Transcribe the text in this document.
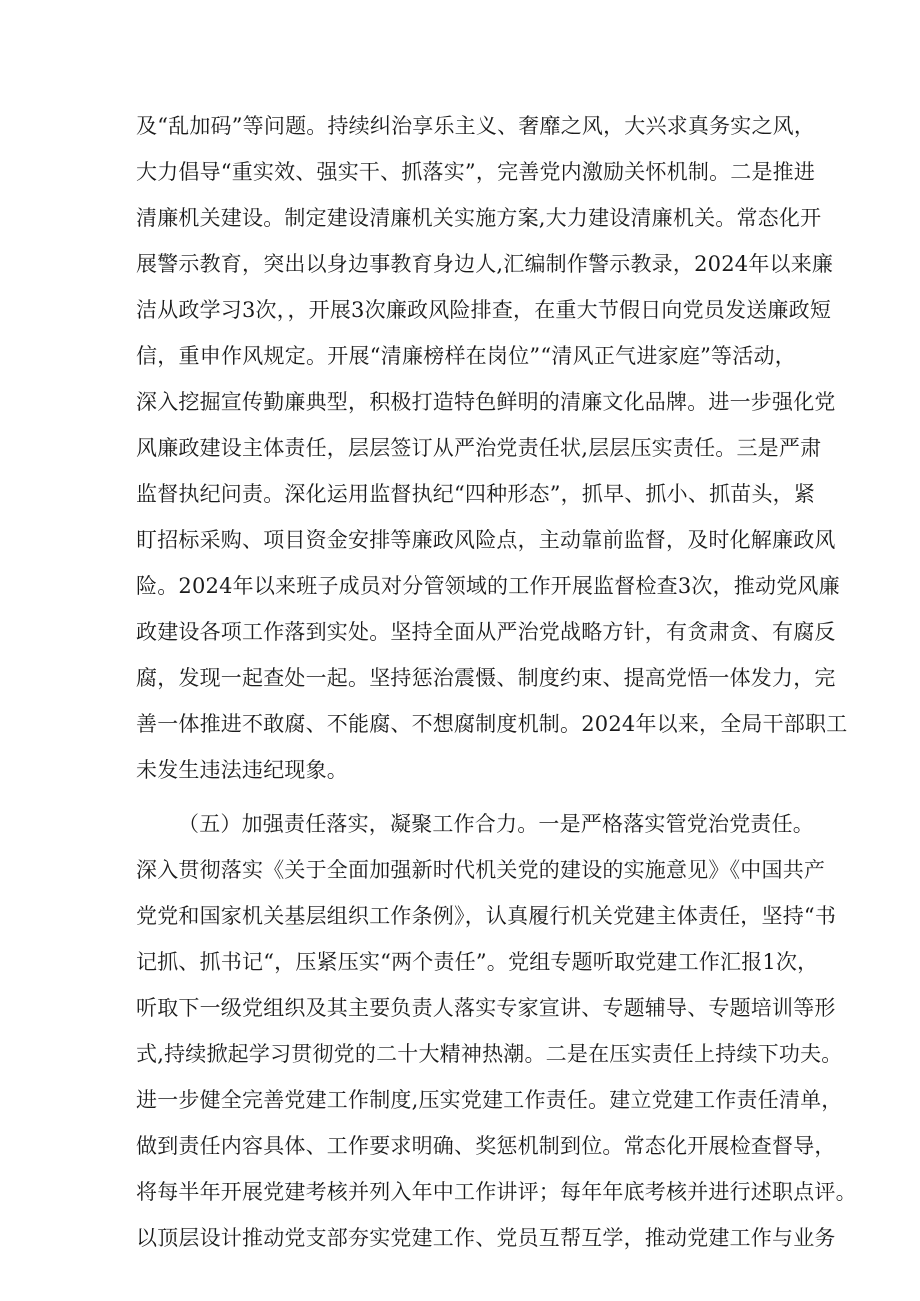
及“乱加码”等问题。持续纠治享乐主义、奢靡之风，大兴求真务实之风，
大力倡导“重实效、强实干、抓落实”，完善党内激励关怀机制。二是推进
清廉机关建设。制定建设清廉机关实施方案,大力建设清廉机关。常态化开
展警示教育，突出以身边事教育身边人,汇编制作警示教录，2024年以来廉
洁从政学习3次，，开展3次廉政风险排查，在重大节假日向党员发送廉政短
信，重申作风规定。开展“清廉榜样在岗位”“清风正气进家庭”等活动，
深入挖掘宣传勤廉典型，积极打造特色鲜明的清廉文化品牌。进一步强化党
风廉政建设主体责任，层层签订从严治党责任状,层层压实责任。三是严肃
监督执纪问责。深化运用监督执纪“四种形态”，抓早、抓小、抓苗头，紧
盯招标采购、项目资金安排等廉政风险点，主动靠前监督，及时化解廉政风
险。2024年以来班子成员对分管领域的工作开展监督检查3次，推动党风廉
政建设各项工作落到实处。坚持全面从严治党战略方针，有贪肃贪、有腐反
腐，发现一起查处一起。坚持惩治震慑、制度约束、提高党悟一体发力，完
善一体推进不敢腐、不能腐、不想腐制度机制。2024年以来，全局干部职工
未发生违法违纪现象。
（五）加强责任落实，凝聚工作合力。一是严格落实管党治党责任。
深入贯彻落实《关于全面加强新时代机关党的建设的实施意见》《中国共产
党党和国家机关基层组织工作条例》，认真履行机关党建主体责任，坚持“书
记抓、抓书记“，压紧压实“两个责任”。党组专题听取党建工作汇报1次，
听取下一级党组织及其主要负责人落实专家宣讲、专题辅导、专题培训等形
式,持续掀起学习贯彻党的二十大精神热潮。二是在压实责任上持续下功夫。
进一步健全完善党建工作制度,压实党建工作责任。建立党建工作责任清单，
做到责任内容具体、工作要求明确、奖惩机制到位。常态化开展检查督导，
将每半年开展党建考核并列入年中工作讲评；每年年底考核并进行述职点评。
以顶层设计推动党支部夯实党建工作、党员互帮互学，推动党建工作与业务
